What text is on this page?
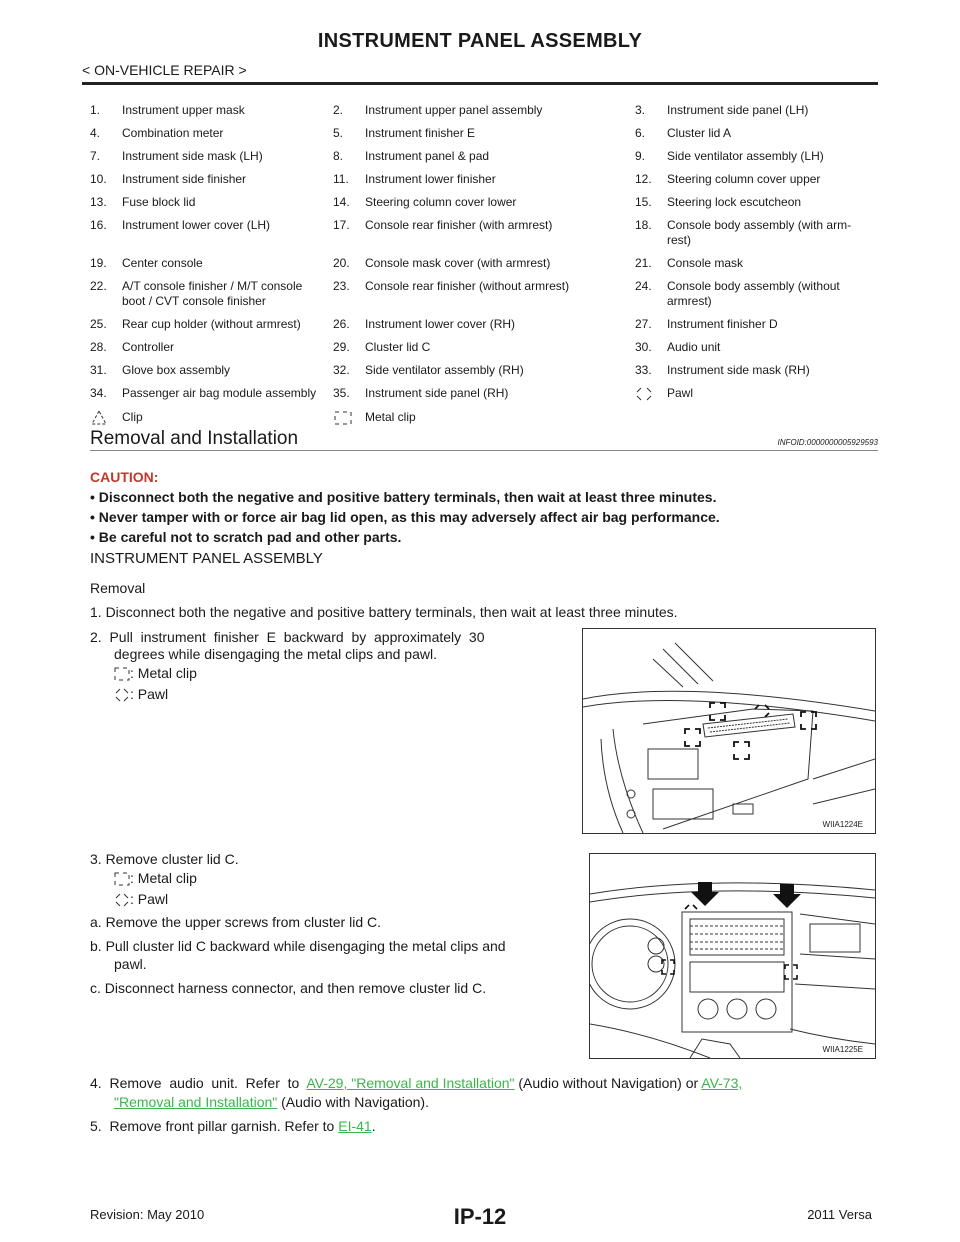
INSTRUMENT PANEL ASSEMBLY
< ON-VEHICLE REPAIR >
1.	Instrument upper mask	2.	Instrument upper panel assembly	3.	Instrument side panel (LH)
4.	Combination meter	5.	Instrument finisher E	6.	Cluster lid A
7.	Instrument side mask (LH)	8.	Instrument panel & pad	9.	Side ventilator assembly (LH)
10.	Instrument side finisher	11.	Instrument lower finisher	12.	Steering column cover upper
13.	Fuse block lid	14.	Steering column cover lower	15.	Steering lock escutcheon
16.	Instrument lower cover (LH)	17.	Console rear finisher (with armrest)	18.	Console body assembly (with arm-
rest)
19.	Center console	20.	Console mask cover (with armrest)	21.	Console mask
22.	A/T console finisher / M/T console
boot / CVT console finisher	23.	Console rear finisher (without armrest)	24.	Console body assembly (without
armrest)
25.	Rear cup holder (without armrest)	26.	Instrument lower cover (RH)	27.	Instrument finisher D
28.	Controller	29.	Cluster lid C	30.	Audio unit
31.	Glove box assembly	32.	Side ventilator assembly (RH)	33.	Instrument side mask (RH)
34.	Passenger air bag module assembly	35.	Instrument side panel (RH)		Pawl
	Clip		Metal clip		
Removal and Installation	INFOID:0000000005929593
CAUTION:
• Disconnect both the negative and positive battery terminals, then wait at least three minutes.
• Never tamper with or force air bag lid open, as this may adversely affect air bag performance.
• Be careful not to scratch pad and other parts.
INSTRUMENT PANEL ASSEMBLY
Removal
1. Disconnect both the negative and positive battery terminals, then wait at least three minutes.
2.  Pull  instrument  finisher  E  backward  by  approximately  30
degrees while disengaging the metal clips and pawl.
: Metal clip
: Pawl
WIIA1224E
3. Remove cluster lid C.
: Metal clip
: Pawl
a. Remove the upper screws from cluster lid C.
b. Pull cluster lid C backward while disengaging the metal clips and
pawl.
c. Disconnect harness connector, and then remove cluster lid C.
WIIA1225E
4.  Remove  audio  unit.  Refer  to AV-29, "Removal and Installation" (Audio without Navigation) or AV-73,
"Removal and Installation" (Audio with Navigation).
5.  Remove front pillar garnish. Refer to EI-41.
IP-12
Revision: May 2010	2011 Versa
